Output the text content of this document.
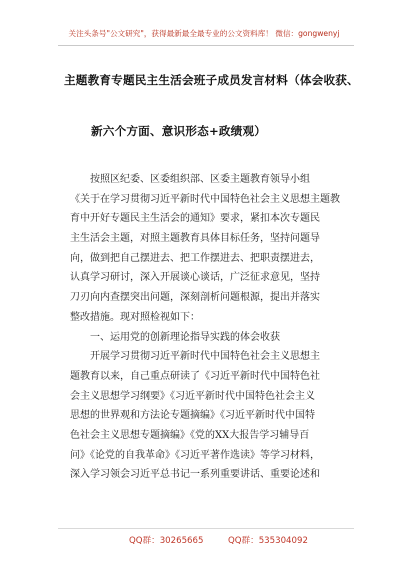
关注头条号"公文研究"，获得最新最全最专业的公文资料库！ 微信：gongwenyj
主题教育专题民主生活会班子成员发言材料（体会收获、
新六个方面、意识形态+政绩观）
按照区纪委、区委组织部、区委主题教育领导小组
《关于在学习贯彻习近平新时代中国特色社会主义思想主题教
育中开好专题民主生活会的通知》要求，紧扣本次专题民
主生活会主题，对照主题教育具体目标任务，坚持问题导
向，做到把自己摆进去、把工作摆进去、把职责摆进去，
认真学习研讨，深入开展谈心谈话，广泛征求意见，坚持
刀刃向内查摆突出问题，深刻剖析问题根源，提出并落实
整改措施。现对照检视如下：
一、运用党的创新理论指导实践的体会收获
开展学习贯彻习近平新时代中国特色社会主义思想主
题教育以来，自己重点研读了《习近平新时代中国特色社
会主义思想学习纲要》《习近平新时代中国特色社会主义
思想的世界观和方法论专题摘编》《习近平新时代中国特
色社会主义思想专题摘编》《党的XX大报告学习辅导百
问》《论党的自我革命》《习近平著作选读》等学习材料，
深入学习领会习近平总书记一系列重要讲话、重要论述和
QQ群：30265665	QQ群：535304092
